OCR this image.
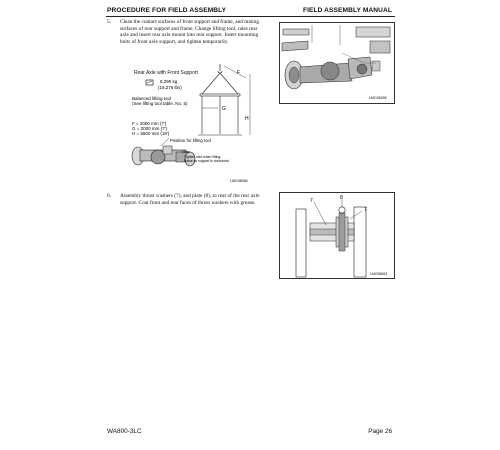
PROCEDURE FOR FIELD ASSEMBLY	FIELD ASSEMBLY MANUAL
5. Clean the contact surfaces of front support and frame, and mating
surfaces of rear support and frame. Change lifting tool, raise rear
axle and insert rear axle mount into rear support. Insert mounting
bolts of front axle support, and tighten temporarily.
Rear Axle with Front Support
8,290 kg
(18,276 lbs)
Balanced lifting tool
(See lifting tool table, No. 5)
F
G
H
F = 2000 mm (7')
G = 2000 mm (7')
H = 5500 mm (18')
Position for lifting tool
Note:
Tighten wire when lifting.
Raise so support is horizontal.
LMC06064
LMC06255
6. Assembly thrust washers (7), and plate (8), to rear of the rear axle
support. Coat front and rear faces of thrust washers with grease.	7	8
7
LNC06063
WA800-3LC	Page 26
